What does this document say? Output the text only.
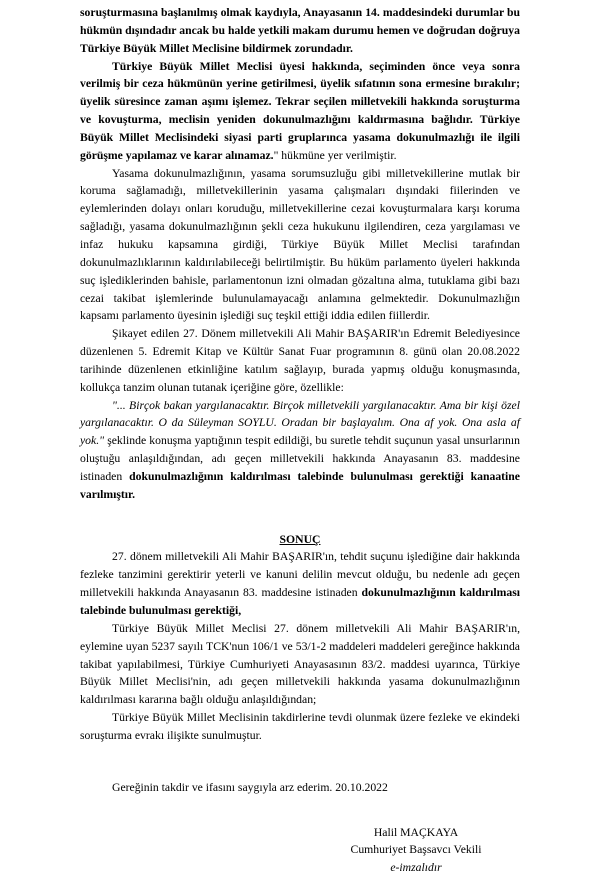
soruşturmasına başlanılmış olmak kaydıyla, Anayasanın 14. maddesindeki durumlar bu hükmün dışındadır ancak bu halde yetkili makam durumu hemen ve doğrudan doğruya Türkiye Büyük Millet Meclisine bildirmek zorundadır.

Türkiye Büyük Millet Meclisi üyesi hakkında, seçiminden önce veya sonra verilmiş bir ceza hükmünün yerine getirilmesi, üyelik sıfatının sona ermesine bırakılır; üyelik süresince zaman aşımı işlemez. Tekrar seçilen milletvekili hakkında soruşturma ve kovuşturma, meclisin yeniden dokunulmazlığını kaldırmasına bağlıdır. Türkiye Büyük Millet Meclisindeki siyasi parti gruplarınca yasama dokunulmazlığı ile ilgili görüşme yapılamaz ve karar alınamaz." hükmüne yer verilmiştir.

Yasama dokunulmazlığının, yasama sorumsuzluğu gibi milletvekillerine mutlak bir koruma sağlamadığı, milletvekillerinin yasama çalışmaları dışındaki fiilerinden ve eylemlerinden dolayı onları koruduğu, milletvekillerine cezai kovuşturmalara karşı koruma sağladığı, yasama dokunulmazlığının şekli ceza hukukunu ilgilendiren, ceza yargılaması ve infaz hukuku kapsamına girdiği, Türkiye Büyük Millet Meclisi tarafından dokunulmazlıklarının kaldırılabileceği belirtilmiştir. Bu hüküm parlamento üyeleri hakkında suç işlediklerinden bahisle, parlamentonun izni olmadan gözaltına alma, tutuklama gibi bazı cezai takibat işlemlerinde bulunulamayacağı anlamına gelmektedir. Dokunulmazlığın kapsamı parlamento üyesinin işlediği suç teşkil ettiği iddia edilen fiillerdir.

Şikayet edilen 27. Dönem milletvekili Ali Mahir BAŞARIR'ın Edremit Belediyesince düzenlenen 5. Edremit Kitap ve Kültür Sanat Fuar programının 8. günü olan 20.08.2022 tarihinde düzenlenen etkinliğine katılım sağlayıp, burada yapmış olduğu konuşmasında, kollukça tanzim olunan tutanak içeriğine göre, özellikle:

"... Birçok bakan yargılanacaktır. Birçok milletvekili yargılanacaktır. Ama bir kişi özel yargılanacaktır. O da Süleyman SOYLU. Oradan bir başlayalım. Ona af yok. Ona asla af yok." şeklinde konuşma yaptığının tespit edildiği, bu suretle tehdit suçunun yasal unsurlarının oluştuğu anlaşıldığından, adı geçen milletvekili hakkında Anayasanın 83. maddesine istinaden dokunulmazlığının kaldırılması talebinde bulunulması gerektiği kanaatine varılmıştır.

SONUÇ

27. dönem milletvekili Ali Mahir BAŞARIR'ın, tehdit suçunu işlediğine dair hakkında fezleke tanzimini gerektirir yeterli ve kanuni delilin mevcut olduğu, bu nedenle adı geçen milletvekili hakkında Anayasanın 83. maddesine istinaden dokunulmazlığının kaldırılması talebinde bulunulması gerektiği,

Türkiye Büyük Millet Meclisi 27. dönem milletvekili Ali Mahir BAŞARIR'ın, eylemine uyan 5237 sayılı TCK'nun 106/1 ve 53/1-2 maddeleri maddeleri gereğince hakkında takibat yapılabilmesi, Türkiye Cumhuriyeti Anayasasının 83/2. maddesi uyarınca, Türkiye Büyük Millet Meclisi'nin, adı geçen milletvekili hakkında yasama dokunulmazlığının kaldırılması kararına bağlı olduğu anlaşıldığından;

Türkiye Büyük Millet Meclisinin takdirlerine tevdi olunmak üzere fezleke ve ekindeki soruşturma evrakı ilişikte sunulmuştur.

Gereğinin takdir ve ifasını saygıyla arz ederim. 20.10.2022

Halil MAÇKAYA
Cumhuriyet Başsavcı Vekili
e-imzalıdır
